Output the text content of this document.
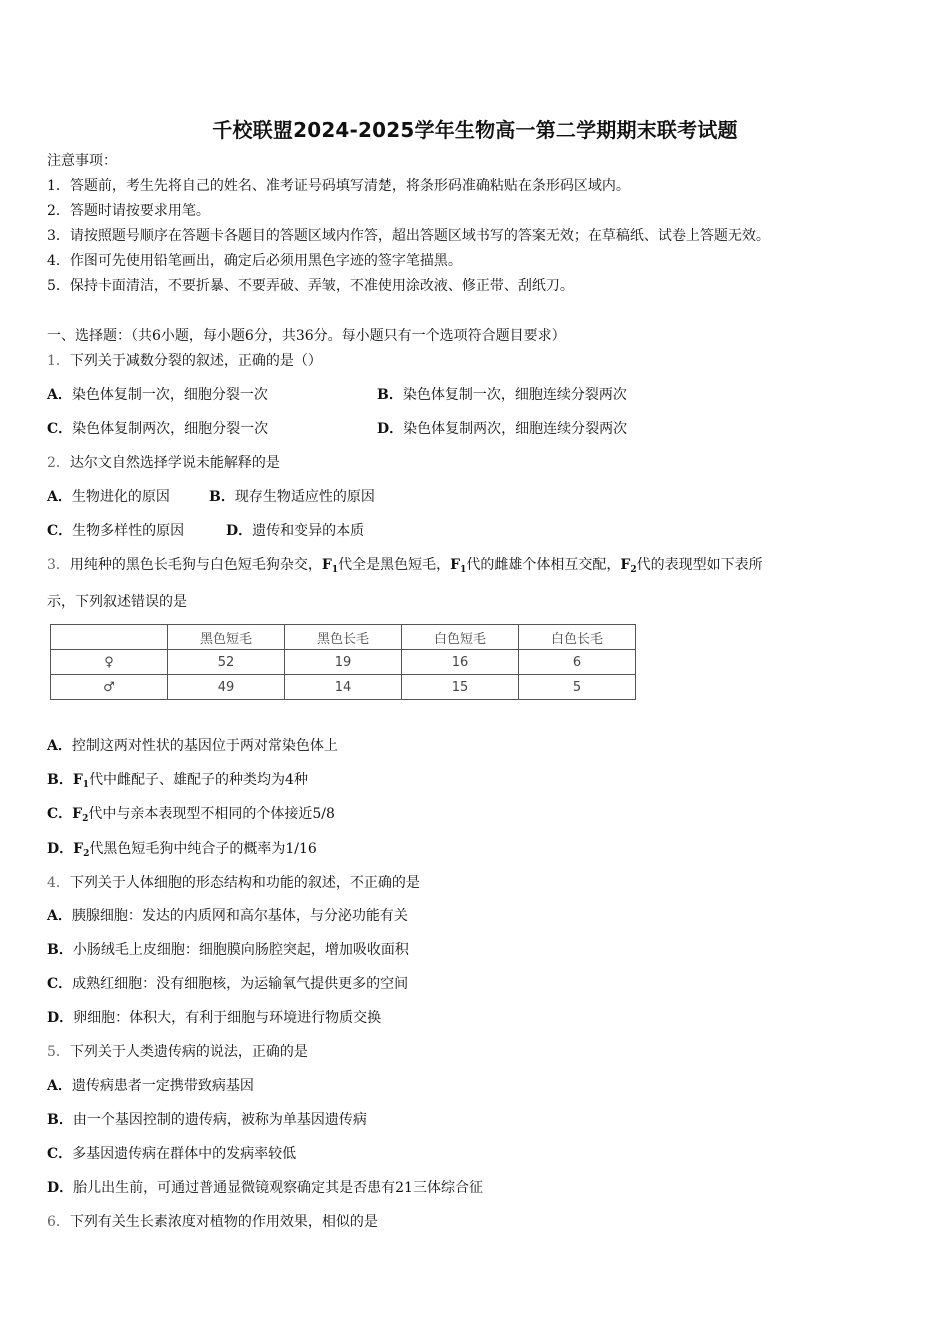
千校联盟2024-2025学年生物高一第二学期期末联考试题
注意事项：
1．答题前，考生先将自己的姓名、准考证号码填写清楚，将条形码准确粘贴在条形码区域内。
2．答题时请按要求用笔。
3．请按照题号顺序在答题卡各题目的答题区域内作答，超出答题区域书写的答案无效；在草稿纸、试卷上答题无效。
4．作图可先使用铅笔画出，确定后必须用黑色字迹的签字笔描黑。
5．保持卡面清洁，不要折暴、不要弄破、弄皱，不准使用涂改液、修正带、刮纸刀。
一、选择题：（共6小题，每小题6分，共36分。每小题只有一个选项符合题目要求）
1．下列关于减数分裂的叙述，正确的是（）
A．染色体复制一次，细胞分裂一次	B．染色体复制一次，细胞连续分裂两次
C．染色体复制两次，细胞分裂一次	D．染色体复制两次，细胞连续分裂两次
2．达尔文自然选择学说未能解释的是
A．生物进化的原因	B．现存生物适应性的原因
C．生物多样性的原因	D．遗传和变异的本质
3．用纯种的黑色长毛狗与白色短毛狗杂交，$F_1$代全是黑色短毛，$F_1$代的雌雄个体相互交配，$F_2$代的表现型如下表所
示，下列叙述错误的是
	黑色短毛	黑色长毛	白色短毛	白色长毛
♀	52	19	16	6
♂	49	14	15	5
A．控制这两对性状的基因位于两对常染色体上
B．$F_1$代中雌配子、雄配子的种类均为4种
C．$F_2$代中与亲本表现型不相同的个体接近5/8
D．$F_2$代黑色短毛狗中纯合子的概率为1/16
4．下列关于人体细胞的形态结构和功能的叙述，不正确的是
A．胰腺细胞：发达的内质网和高尔基体，与分泌功能有关
B．小肠绒毛上皮细胞：细胞膜向肠腔突起，增加吸收面积
C．成熟红细胞：没有细胞核，为运输氧气提供更多的空间
D．卵细胞：体积大，有利于细胞与环境进行物质交换
5．下列关于人类遗传病的说法，正确的是
A．遗传病患者一定携带致病基因
B．由一个基因控制的遗传病，被称为单基因遗传病
C．多基因遗传病在群体中的发病率较低
D．胎儿出生前，可通过普通显微镜观察确定其是否患有21三体综合征
6．下列有关生长素浓度对植物的作用效果，相似的是
